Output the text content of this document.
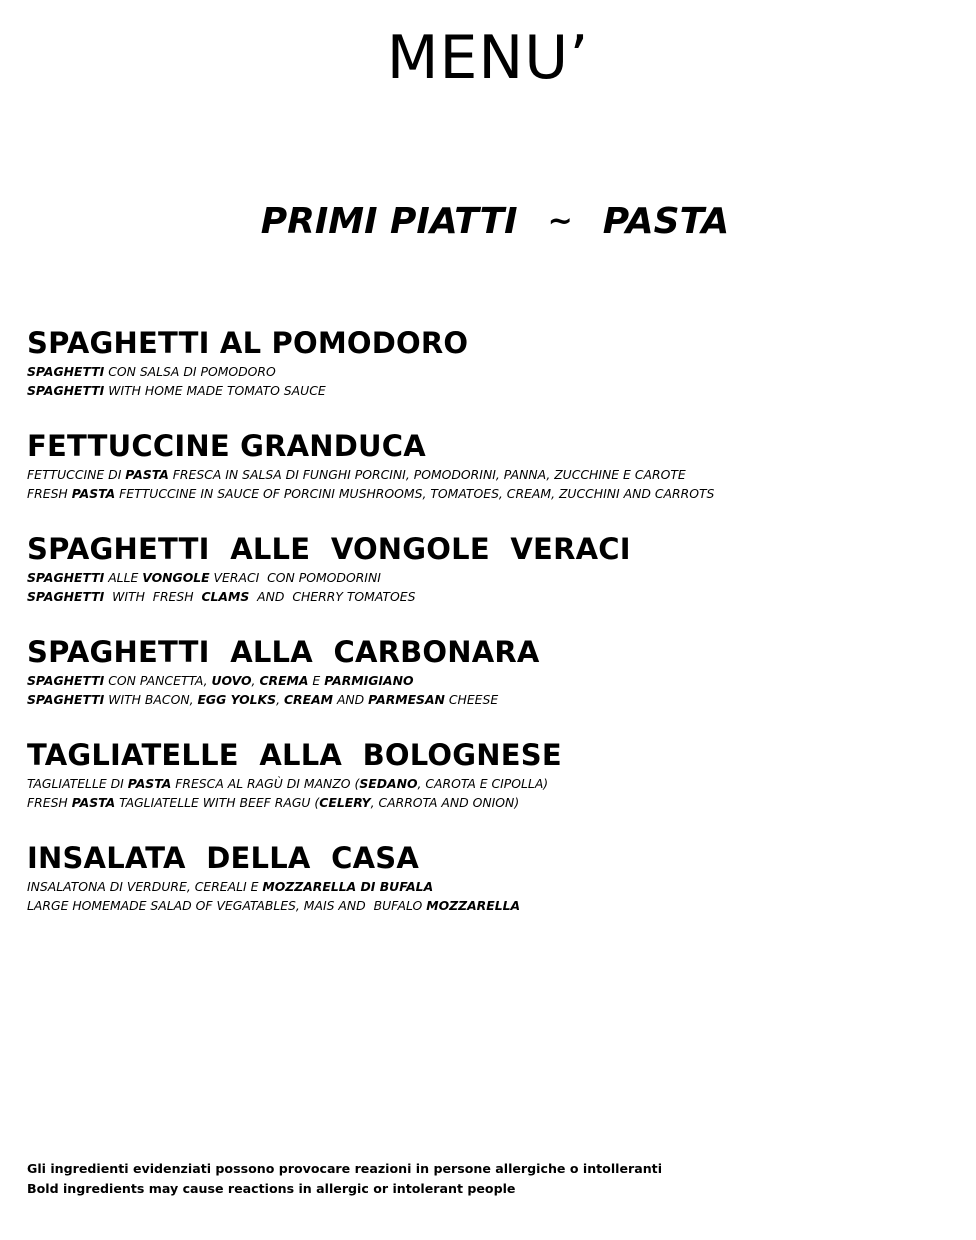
MENU’
PRIMI PIATTI ~ PASTA
SPAGHETTI AL POMODORO
SPAGHETTI CON SALSA DI POMODORO
SPAGHETTI WITH HOME MADE TOMATO SAUCE
FETTUCCINE GRANDUCA
FETTUCCINE DI PASTA FRESCA IN SALSA DI FUNGHI PORCINI, POMODORINI, PANNA, ZUCCHINE E CAROTE
FRESH PASTA FETTUCCINE IN SAUCE OF PORCINI MUSHROOMS, TOMATOES, CREAM, ZUCCHINI AND CARROTS
SPAGHETTI  ALLE  VONGOLE  VERACI
SPAGHETTI ALLE VONGOLE VERACI  CON POMODORINI
SPAGHETTI  WITH  FRESH  CLAMS  AND  CHERRY TOMATOES
SPAGHETTI  ALLA  CARBONARA
SPAGHETTI CON PANCETTA, UOVO, CREMA E PARMIGIANO
SPAGHETTI WITH BACON, EGG YOLKS, CREAM AND PARMESAN CHEESE
TAGLIATELLE  ALLA  BOLOGNESE
TAGLIATELLE DI PASTA FRESCA AL RAGÙ DI MANZO (SEDANO, CAROTA E CIPOLLA)
FRESH PASTA TAGLIATELLE WITH BEEF RAGU (CELERY, CARROTA AND ONION)
INSALATA  DELLA  CASA
INSALATONA DI VERDURE, CEREALI E MOZZARELLA DI BUFALA
LARGE HOMEMADE SALAD OF VEGATABLES, MAIS AND  BUFALO MOZZARELLA
Gli ingredienti evidenziati possono provocare reazioni in persone allergiche o intolleranti
Bold ingredients may cause reactions in allergic or intolerant people
